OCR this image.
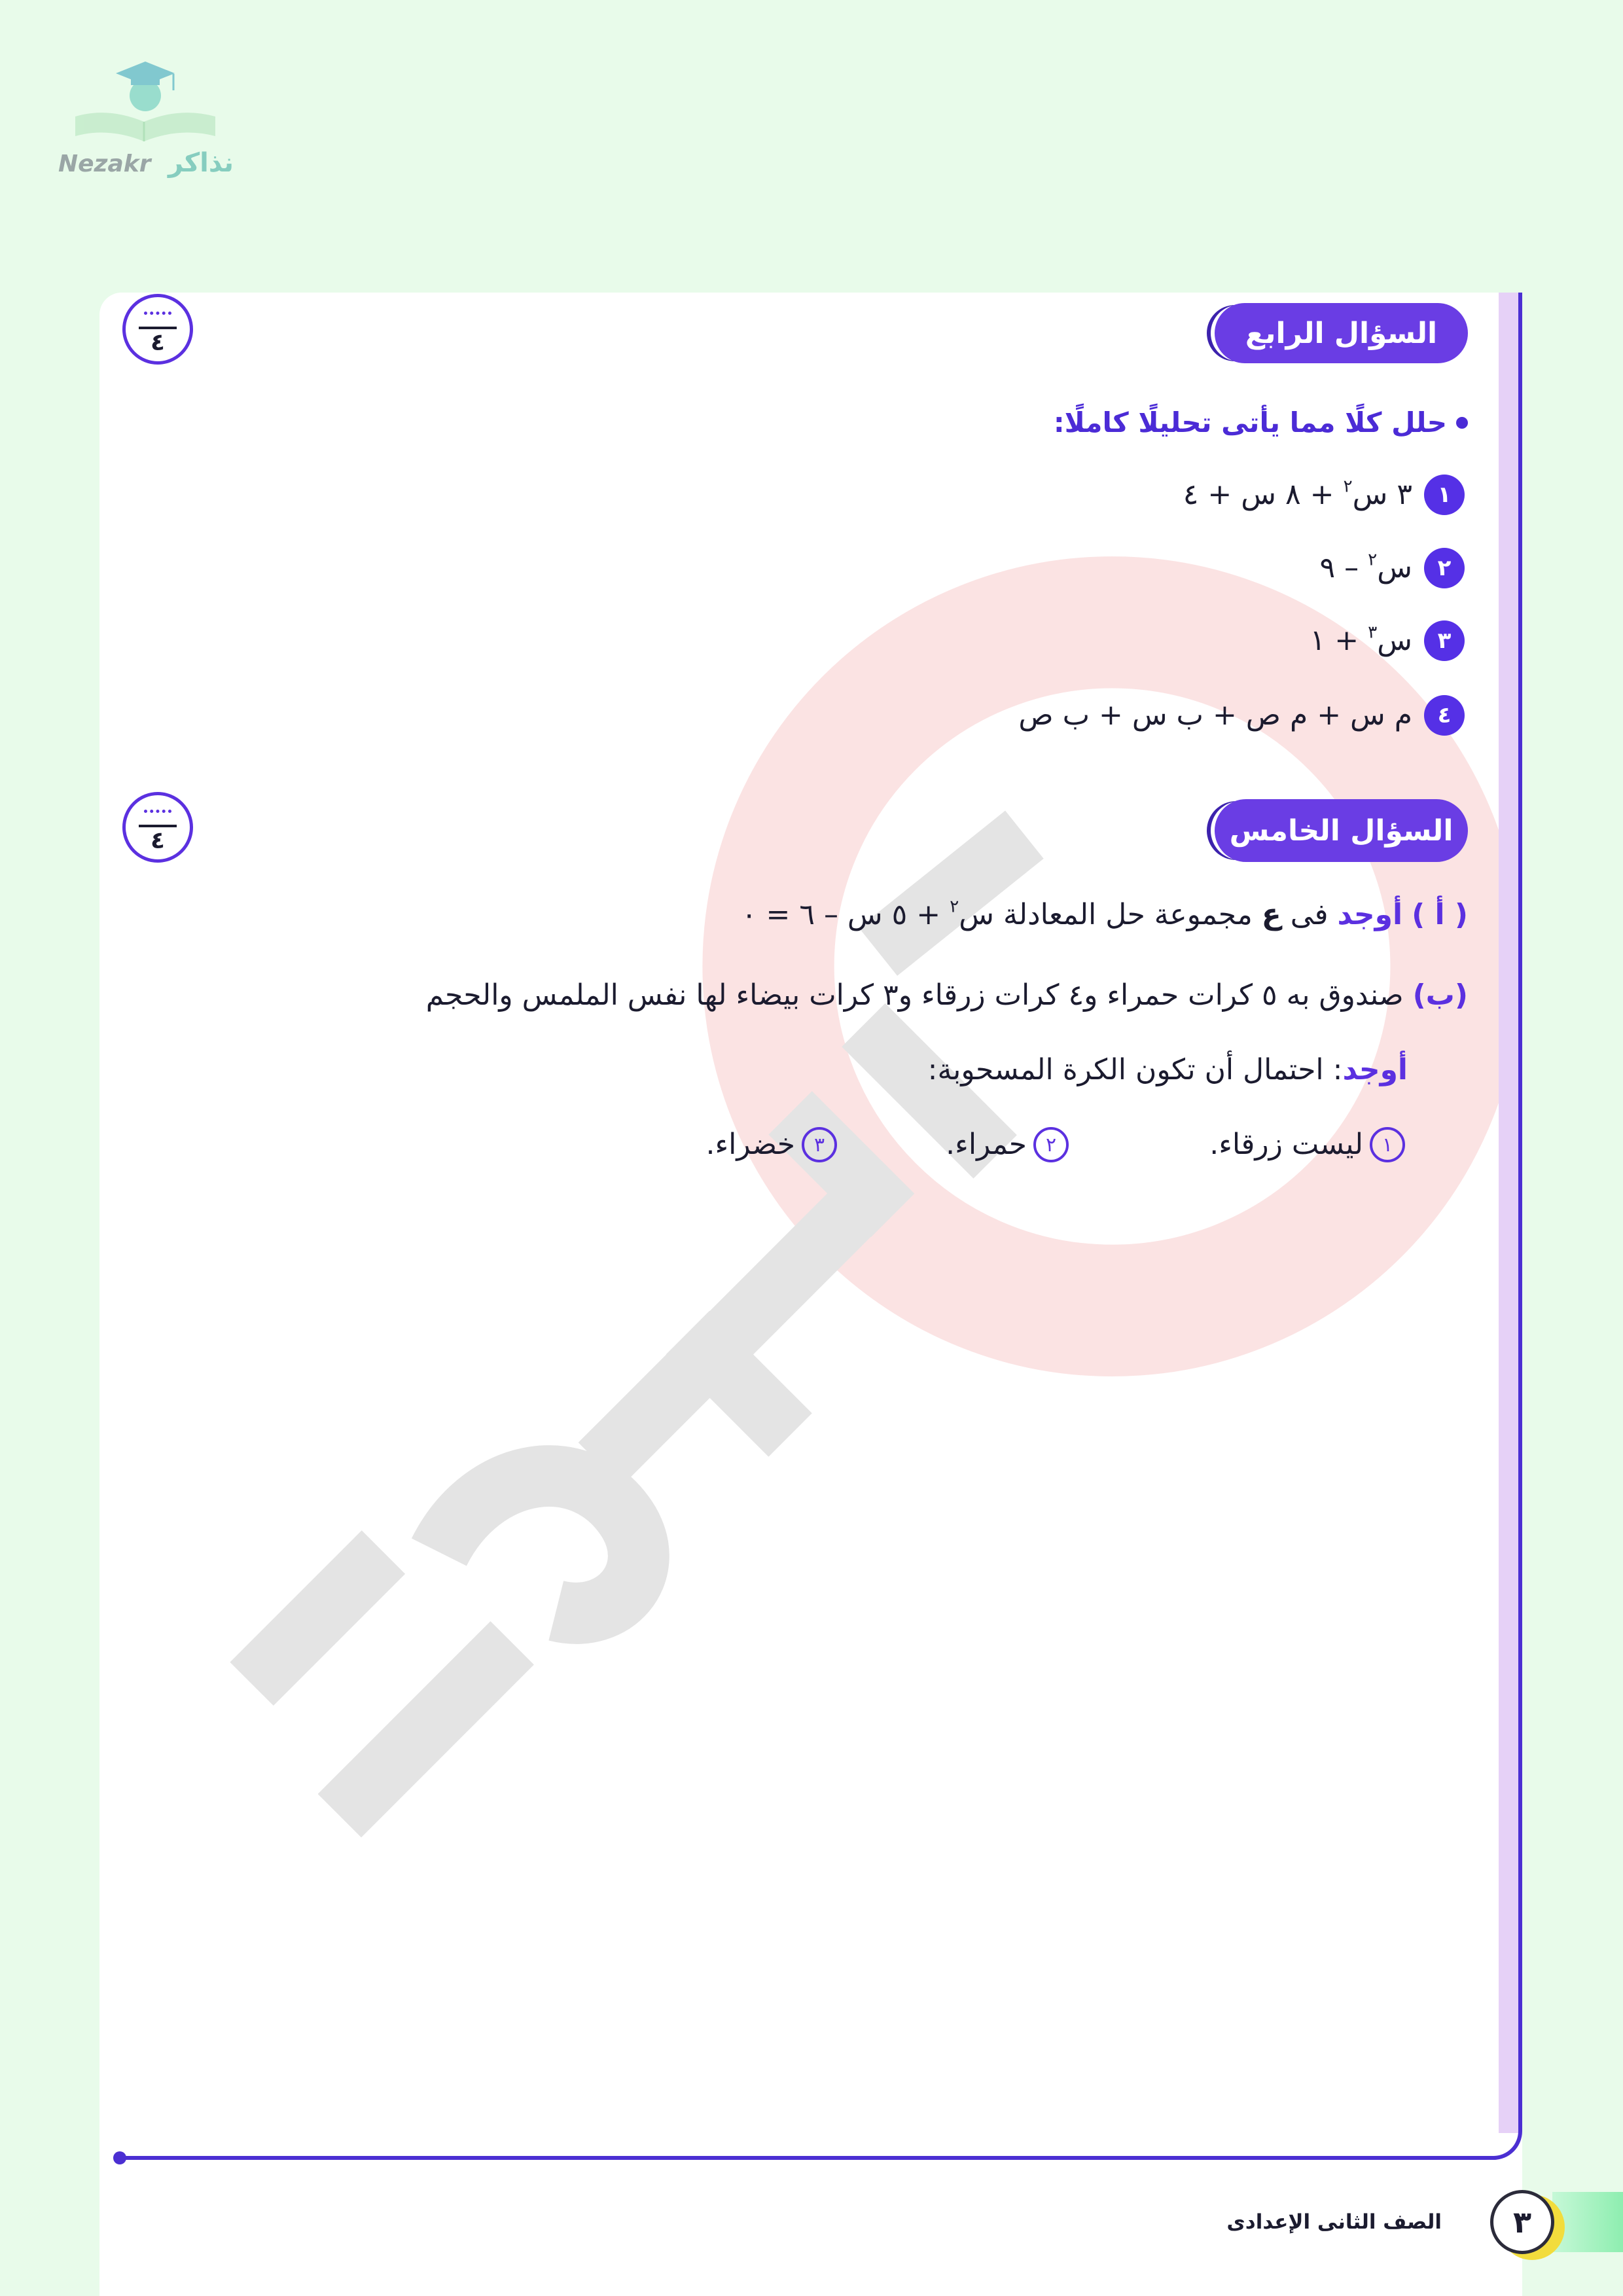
Nezakr نذاكر
السؤال الرابع
٤
حلل كلًا مما يأتى تحليلًا كاملًا:
١
٣ س$^٢$ + ٨ س + ٤
٢
س$^٢$ – ٩
٣
س$^٣$ + ١
٤
م س + م ص + ب س + ب ص
السؤال الخامس
٤
( أ ) أوجد فى ع مجموعة حل المعادلة س$^٢$ + ٥ س – ٦ = ٠
(ب) صندوق به ٥ كرات حمراء و٤ كرات زرقاء و٣ كرات بيضاء لها نفس الملمس والحجم
أوجد: احتمال أن تكون الكرة المسحوبة:
١
ليست زرقاء.
٢
حمراء.
٣
خضراء.
٣
الصف الثانى الإعدادى
